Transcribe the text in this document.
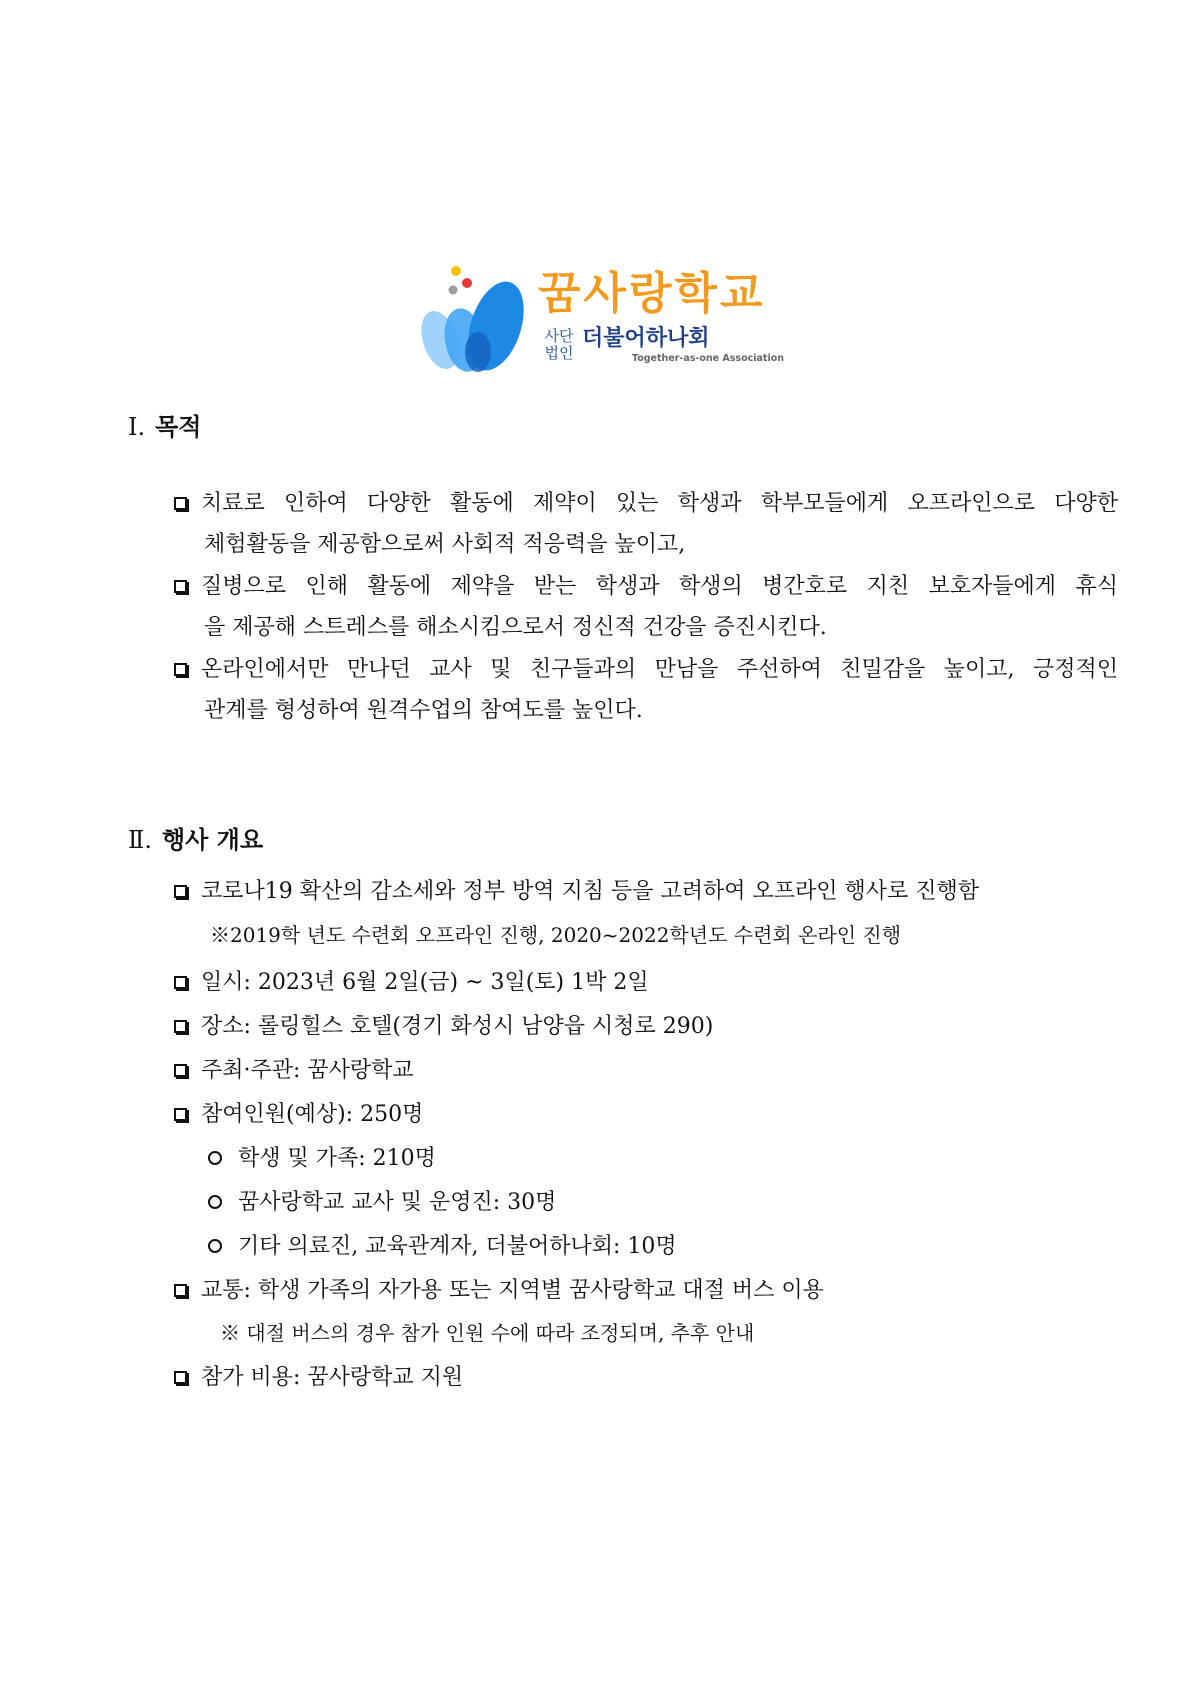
꿈사랑학교
사단
법인
더불어하나회
Together-as-one Association
Ⅰ. 목적
치료로 인하여 다양한 활동에 제약이 있는 학생과 학부모들에게 오프라인으로 다양한
체험활동을 제공함으로써 사회적 적응력을 높이고,
질병으로 인해 활동에 제약을 받는 학생과 학생의 병간호로 지친 보호자들에게 휴식
을 제공해 스트레스를 해소시킴으로서 정신적 건강을 증진시킨다.
온라인에서만 만나던 교사 및 친구들과의 만남을 주선하여 친밀감을 높이고, 긍정적인
관계를 형성하여 원격수업의 참여도를 높인다.
Ⅱ. 행사 개요
코로나19 확산의 감소세와 정부 방역 지침 등을 고려하여 오프라인 행사로 진행함
※2019학 년도 수련회 오프라인 진행, 2020~2022학년도 수련회 온라인 진행
일시: 2023년 6월 2일(금) ~ 3일(토) 1박 2일
장소: 롤링힐스 호텔(경기 화성시 남양읍 시청로 290)
주최·주관: 꿈사랑학교
참여인원(예상): 250명
학생 및 가족: 210명
꿈사랑학교 교사 및 운영진: 30명
기타 의료진, 교육관계자, 더불어하나회: 10명
교통: 학생 가족의 자가용 또는 지역별 꿈사랑학교 대절 버스 이용
※ 대절 버스의 경우 참가 인원 수에 따라 조정되며, 추후 안내
참가 비용: 꿈사랑학교 지원
